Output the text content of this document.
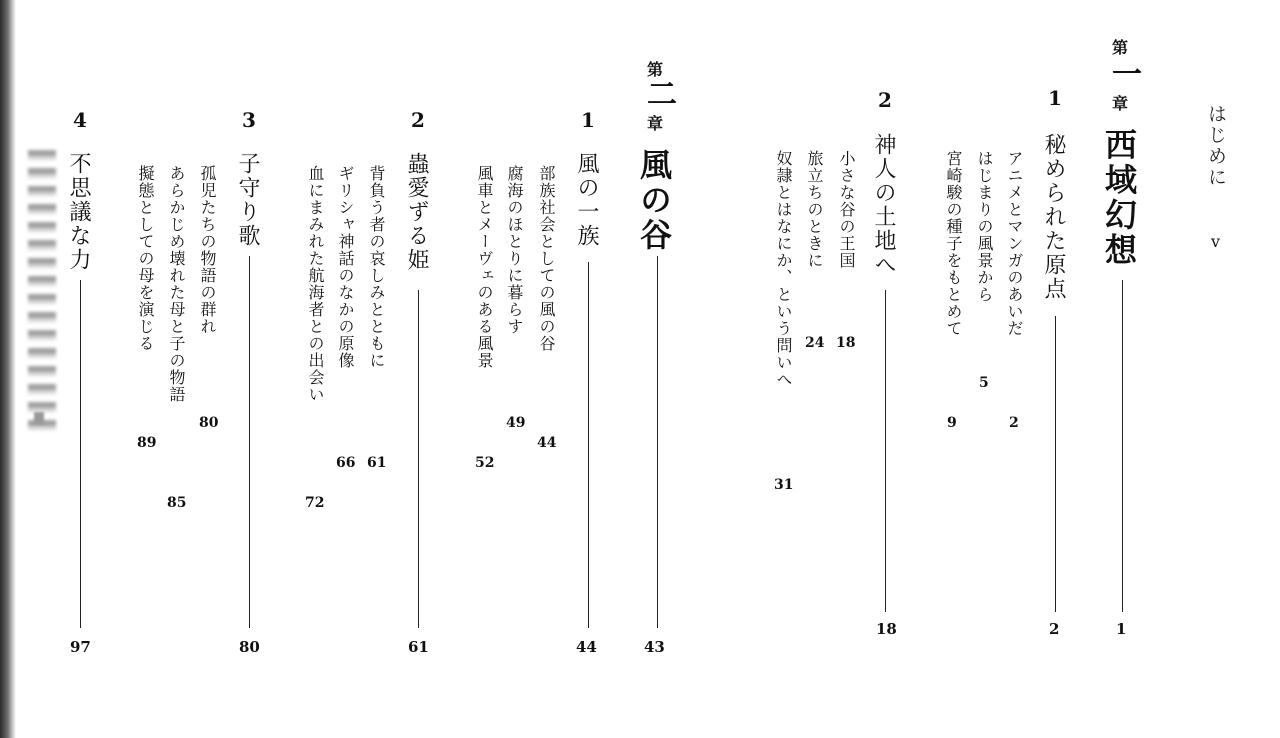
はじめに
v
第
一
章
西域幻想
1
1
秘められた原点
2
アニメとマンガのあいだ
2
はじまりの風景から
5
宮崎駿の種子をもとめて
9
2
神人の土地へ
18
小さな谷の王国
18
旅立ちのときに
24
奴隷とはなにか、という問いへ
31
第
二
章
風の谷
43
1
風の一族
44
部族社会としての風の谷
44
腐海のほとりに暮らす
49
風車とメーヴェのある風景
52
2
蟲愛ずる姫
61
背負う者の哀しみとともに
61
ギリシャ神話のなかの原像
66
血にまみれた航海者との出会い
72
3
子守り歌
80
孤児たちの物語の群れ
80
あらかじめ壊れた母と子の物語
85
擬態としての母を演じる
89
4
不思議な力
97
